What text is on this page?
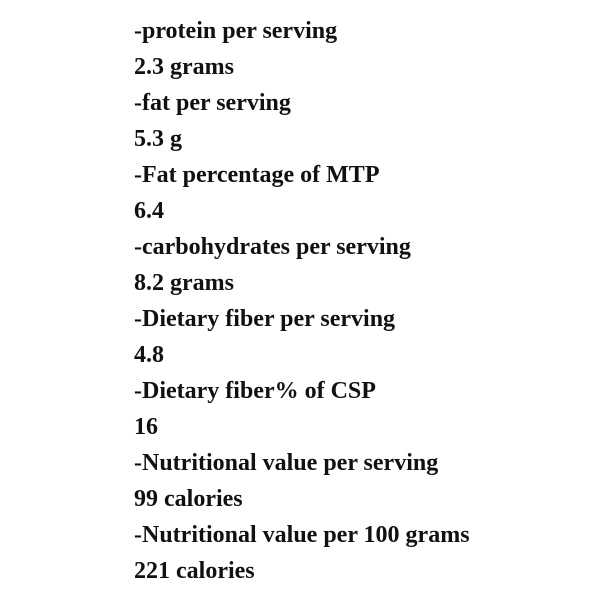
-protein per serving

2.3 grams

-fat per serving

5.3 g

-Fat percentage of MTP

6.4

-carbohydrates per serving

8.2 grams

-Dietary fiber per serving

4.8

-Dietary fiber% of CSP

16

-Nutritional value per serving

99 calories

-Nutritional value per 100 grams

221 calories
